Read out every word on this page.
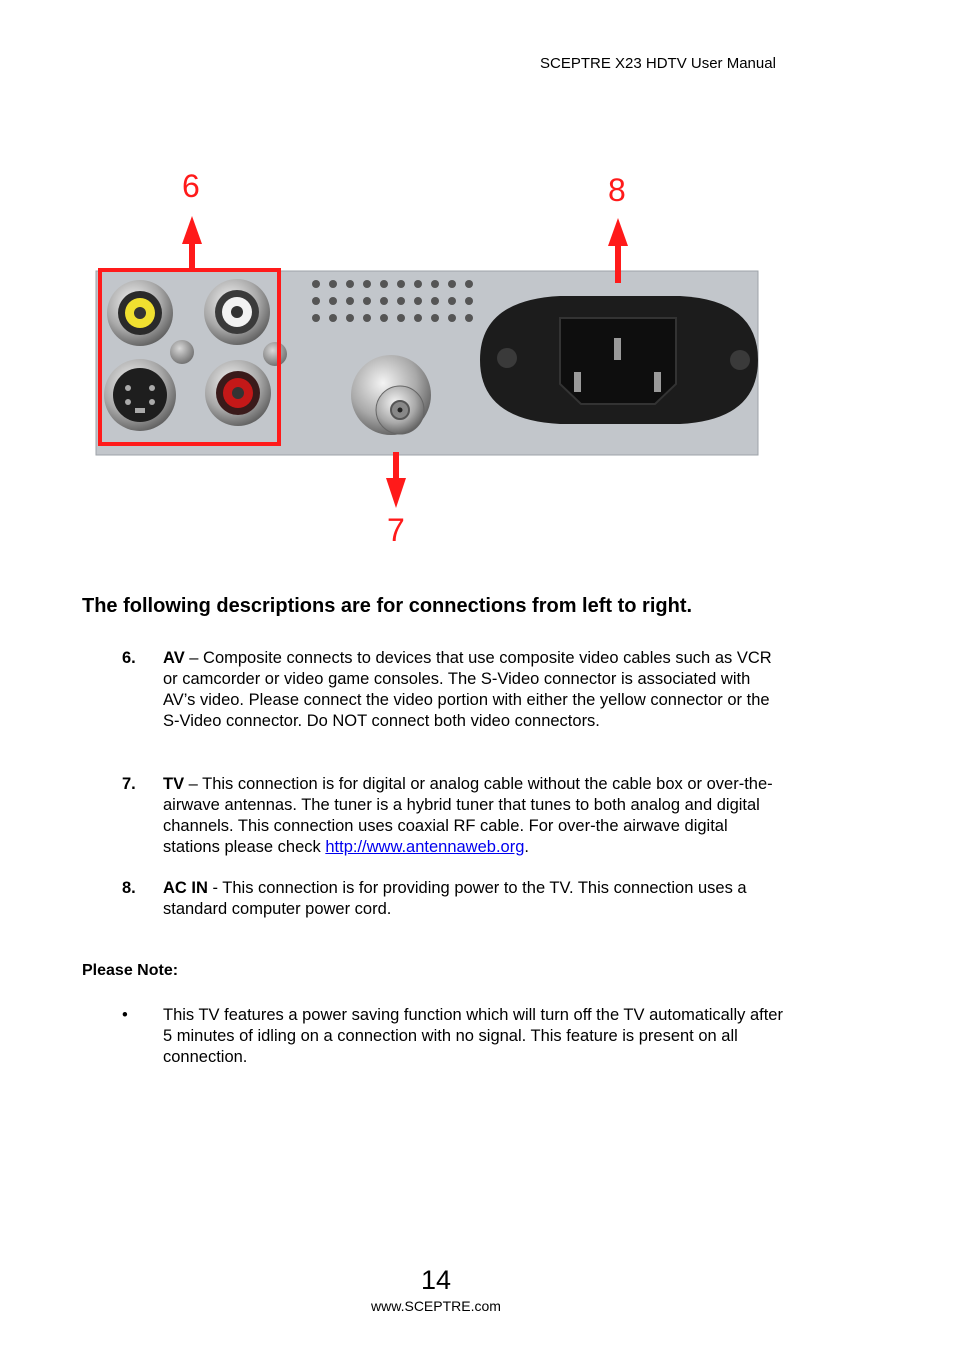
SCEPTRE X23 HDTV User Manual
6	8
7
The following descriptions are for connections from left to right.
6. AV – Composite connects to devices that use composite video cables such as VCR or camcorder or video game consoles. The S-Video connector is associated with AV’s video. Please connect the video portion with either the yellow connector or the S-Video connector. Do NOT connect both video connectors.
7. TV – This connection is for digital or analog cable without the cable box or over-the-airwave antennas. The tuner is a hybrid tuner that tunes to both analog and digital channels. This connection uses coaxial RF cable. For over-the airwave digital stations please check http://www.antennaweb.org.
8. AC IN - This connection is for providing power to the TV. This connection uses a standard computer power cord.
Please Note:
• This TV features a power saving function which will turn off the TV automatically after 5 minutes of idling on a connection with no signal. This feature is present on all connection.
14
www.SCEPTRE.com
